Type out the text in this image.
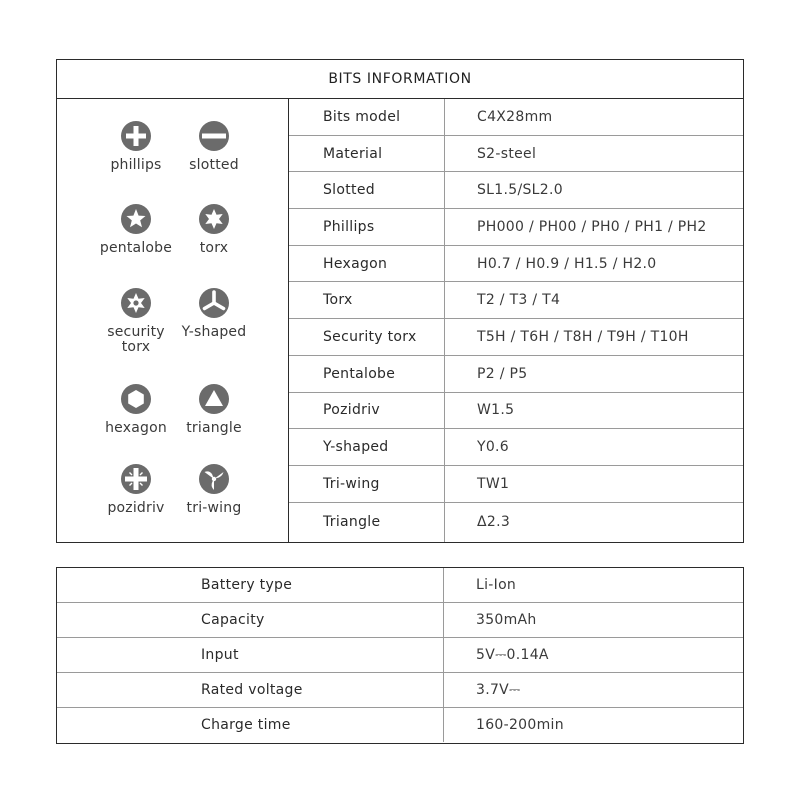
BITS INFORMATION
phillips	slotted
pentalobe	torx
security
torx
Y-shaped
hexagon	triangle
pozidriv	tri-wing
Bits model	C4X28mm
Material	S2-steel
Slotted	SL1.5/SL2.0
Phillips	PH000 / PH00 / PH0 / PH1 / PH2
Hexagon	H0.7 / H0.9 / H1.5 / H2.0
Torx	T2 / T3 / T4
Security torx	T5H / T6H / T8H / T9H / T10H
Pentalobe	P2 / P5
Pozidriv	W1.5
Y-shaped	Y0.6
Tri-wing	TW1
Triangle	Δ2.3
Battery type	Li-Ion
Capacity	350mAh
Input	5V⎓0.14A
Rated voltage	3.7V⎓
Charge time	160-200min
